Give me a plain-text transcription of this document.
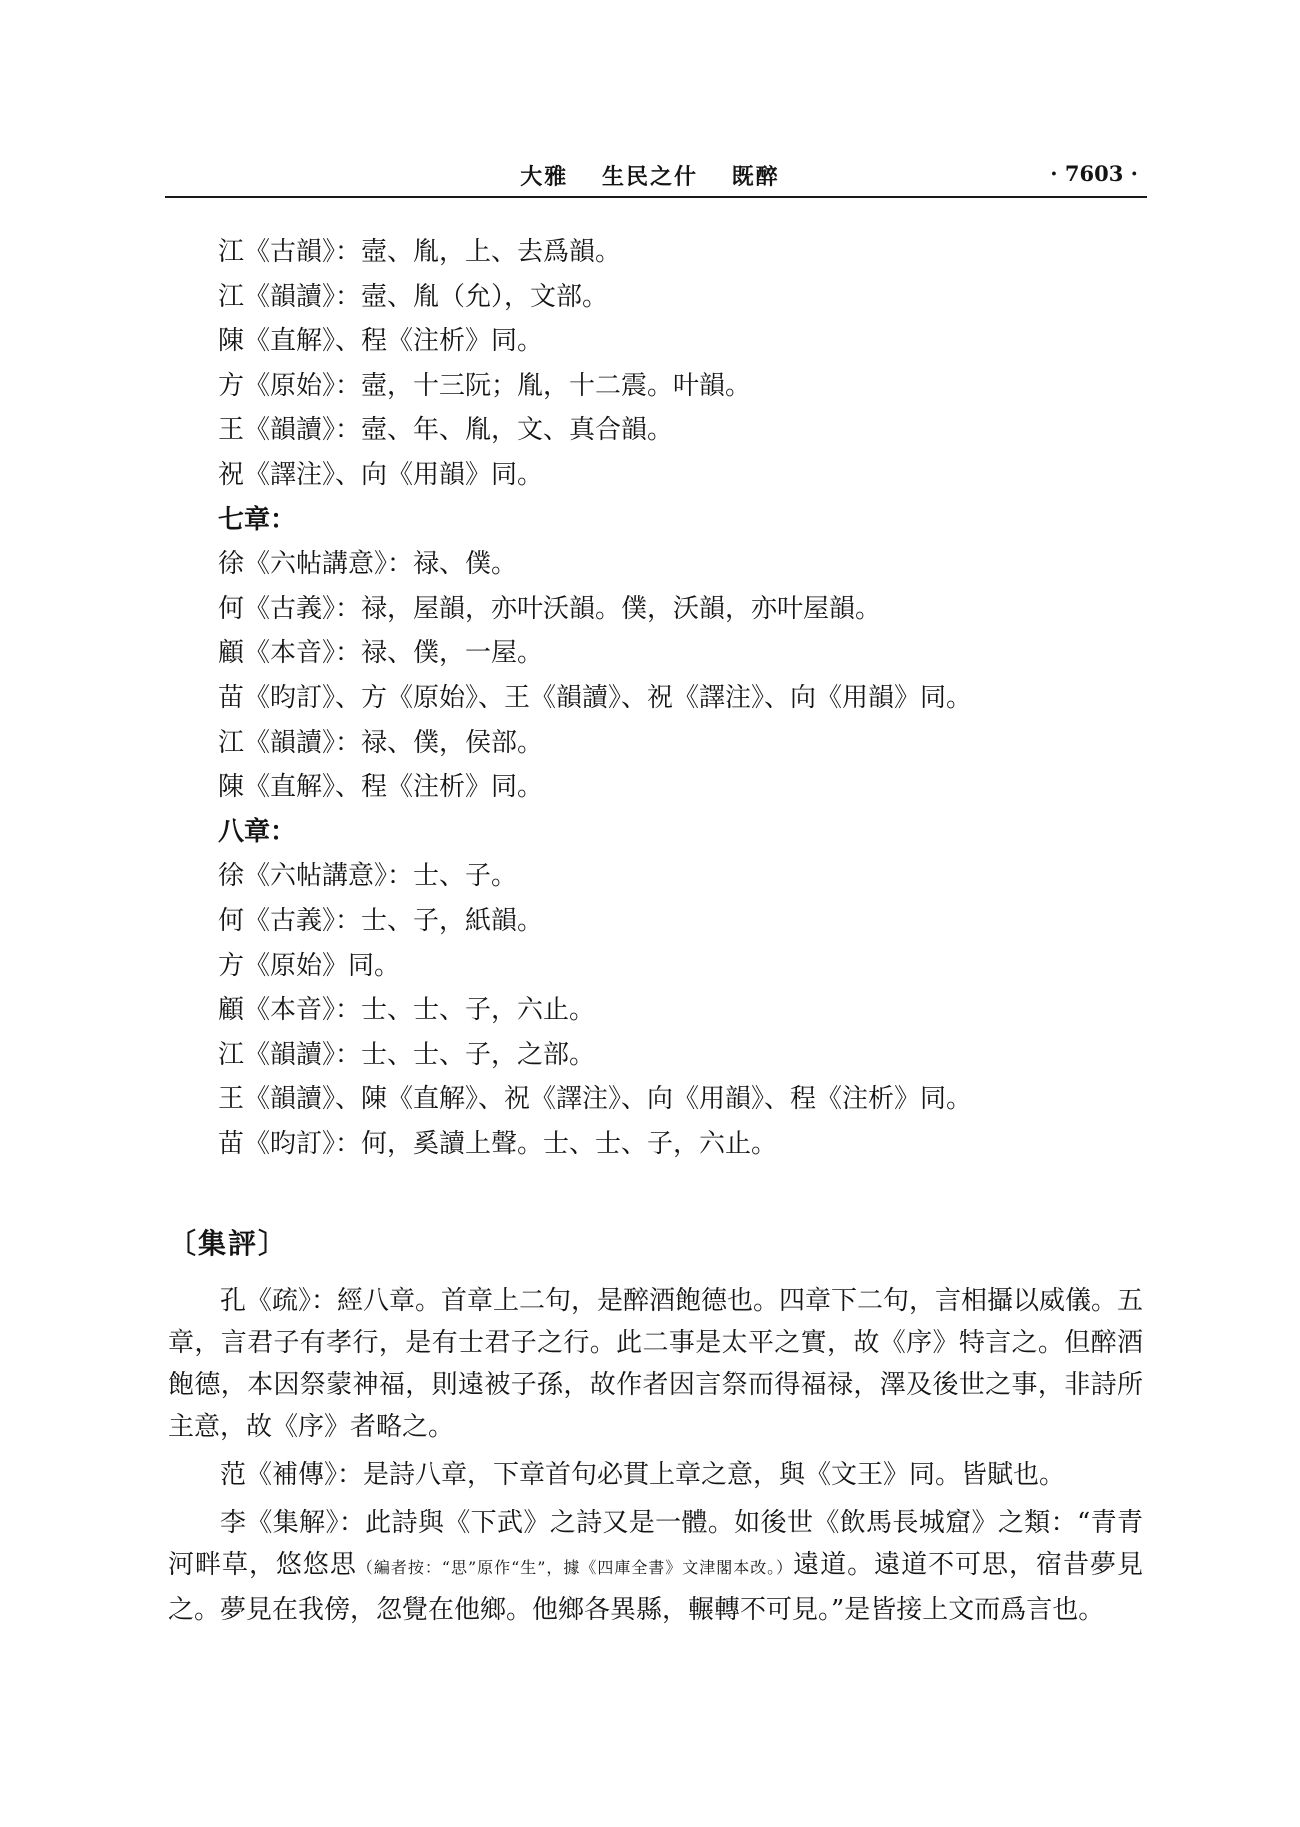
大雅 生民之什 既醉	· 7603 ·
江《古韻》：壼、胤，上、去爲韻。
江《韻讀》：壼、胤（允），文部。
陳《直解》、程《注析》同。
方《原始》：壼，十三阮；胤，十二震。叶韻。
王《韻讀》：壼、年、胤，文、真合韻。
祝《譯注》、向《用韻》同。
七章：
徐《六帖講意》：禄、僕。
何《古義》：禄，屋韻，亦叶沃韻。僕，沃韻，亦叶屋韻。
顧《本音》：禄、僕，一屋。
苗《昀訂》、方《原始》、王《韻讀》、祝《譯注》、向《用韻》同。
江《韻讀》：禄、僕，侯部。
陳《直解》、程《注析》同。
八章：
徐《六帖講意》：士、子。
何《古義》：士、子，紙韻。
方《原始》同。
顧《本音》：士、士、子，六止。
江《韻讀》：士、士、子，之部。
王《韻讀》、陳《直解》、祝《譯注》、向《用韻》、程《注析》同。
苗《昀訂》：何，奚讀上聲。士、士、子，六止。
〔集評〕

孔《疏》：經八章。首章上二句，是醉酒飽德也。四章下二句，言相攝以威儀。五章，言君子有孝行，是有士君子之行。此二事是太平之實，故《序》特言之。但醉酒飽德，本因祭蒙神福，則遠被子孫，故作者因言祭而得福禄，澤及後世之事，非詩所主意，故《序》者略之。

范《補傳》：是詩八章，下章首句必貫上章之意，與《文王》同。皆賦也。

李《集解》：此詩與《下武》之詩又是一體。如後世《飲馬長城窟》之類：“青青河畔草，悠悠思（編者按：“思”原作“生”，據《四庫全書》文津閣本改。）遠道。遠道不可思，宿昔夢見之。夢見在我傍，忽覺在他鄉。他鄉各異縣，輾轉不可見。”是皆接上文而爲言也。
